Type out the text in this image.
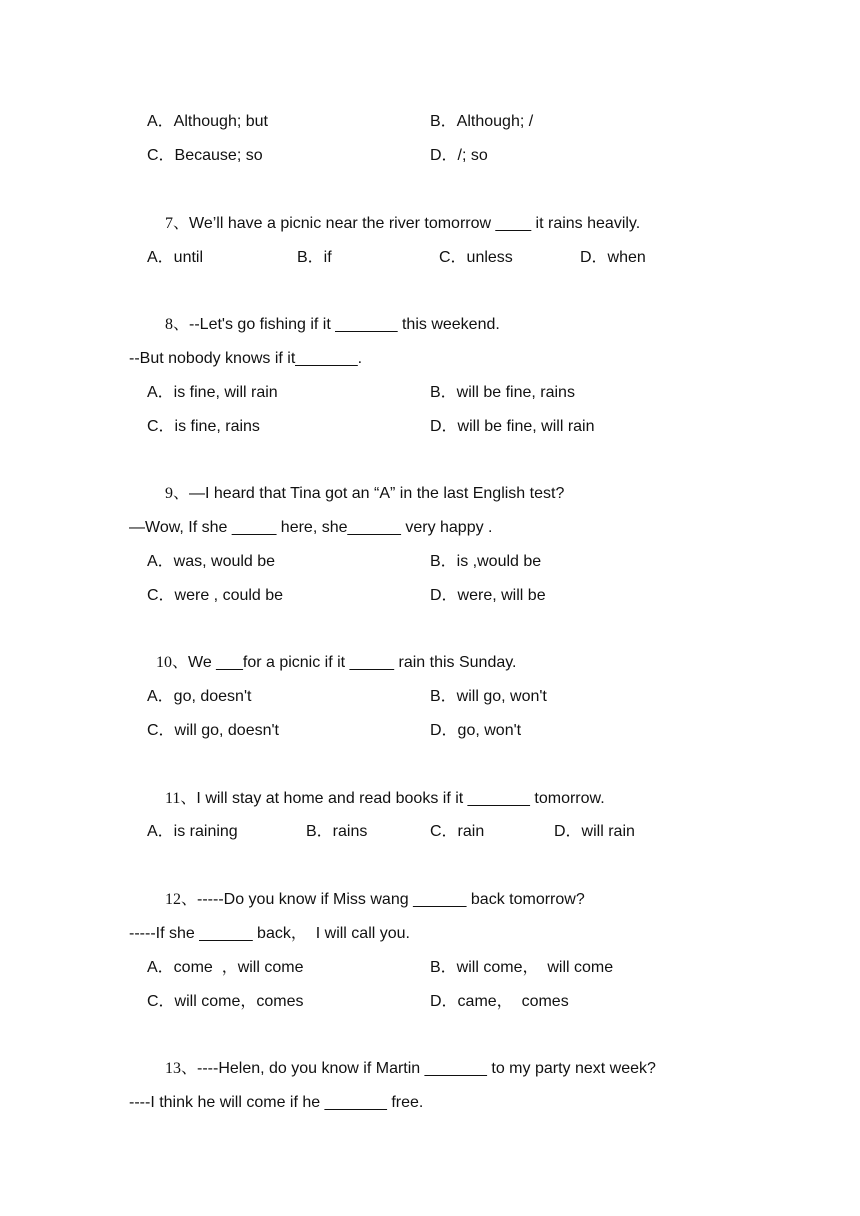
A．Although; but	B．Although; /
C．Because; so	D．/; so
7、We’ll have a picnic near the river tomorrow ____ it rains heavily.
A．until	B．if	C．unless	D．when
8、--Let's go fishing if it _______ this weekend.
--But nobody knows if it_______.
A．is fine, will rain	B．will be fine, rains
C．is fine, rains	D．will be fine, will rain
9、—I heard that Tina got an “A” in the last English test?
—Wow, If she _____ here, she______ very happy .
A．was, would be	B．is ,would be
C．were , could be	D．were, will be
10、We ___for a picnic if it _____ rain this Sunday.
A．go, doesn't	B．will go, won't
C．will go, doesn't	D．go, won't
11、I will stay at home and read books if it _______ tomorrow.
A．is raining	B．rains	C．rain	D．will rain
12、-----Do you know if Miss wang ______ back tomorrow?
-----If she ______ back，  I will call you.
A．come  ，will come	B．will come，  will come
C．will come，comes	D．came，  comes
13、----Helen, do you know if Martin _______ to my party next week?
----I think he will come if he _______ free.
